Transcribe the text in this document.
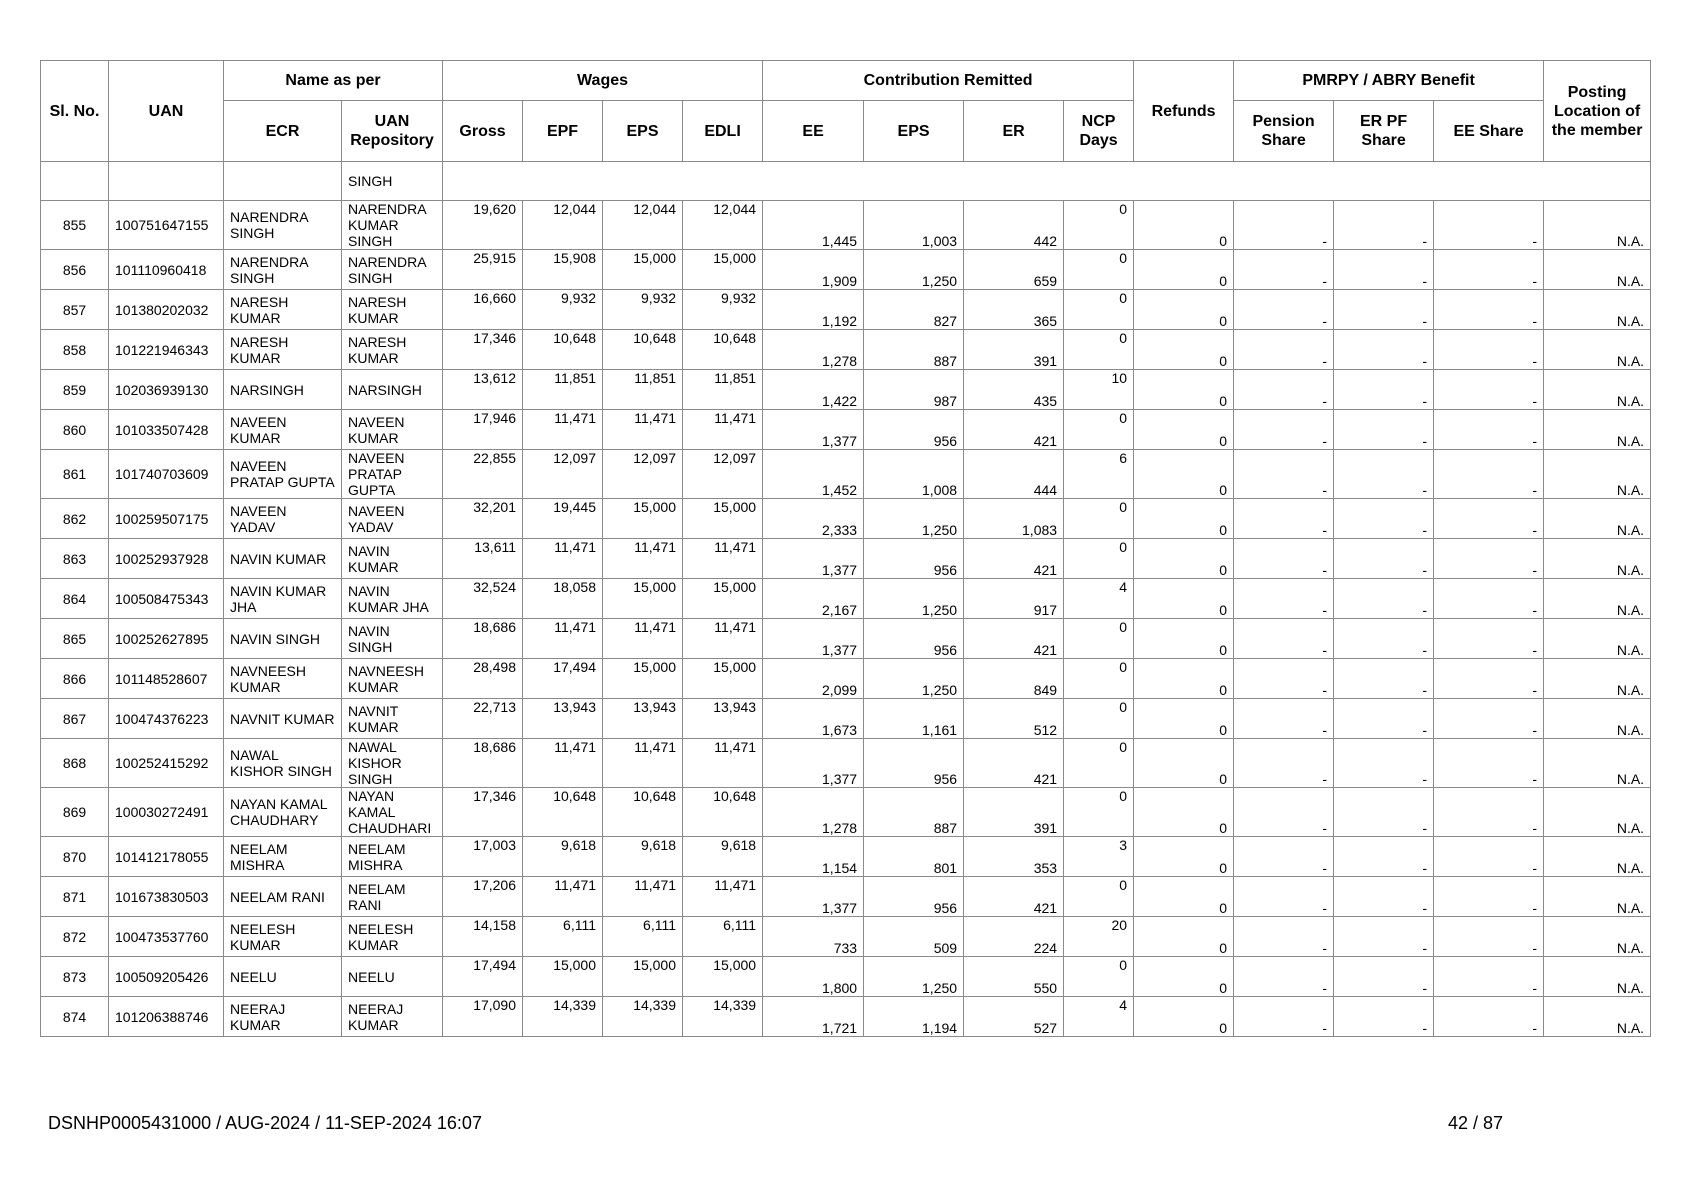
Sl. No.	UAN	Name as per		Wages				Contribution Remitted				Refunds	PMRPY / ABRY Benefit			Posting Location of the member
		ECR	UAN Repository	Gross	EPF	EPS	EDLI	EE	EPS	ER	NCP Days		Pension Share	ER PF Share	EE Share	
			SINGH													
855	100751647155	NARENDRA SINGH	NARENDRA KUMAR SINGH	19,620	12,044	12,044	12,044	1,445	1,003	442	0	0	-	-	-	N.A.
856	101110960418	NARENDRA SINGH	NARENDRA SINGH	25,915	15,908	15,000	15,000	1,909	1,250	659	0	0	-	-	-	N.A.
857	101380202032	NARESH KUMAR	NARESH KUMAR	16,660	9,932	9,932	9,932	1,192	827	365	0	0	-	-	-	N.A.
858	101221946343	NARESH KUMAR	NARESH KUMAR	17,346	10,648	10,648	10,648	1,278	887	391	0	0	-	-	-	N.A.
859	102036939130	NARSINGH	NARSINGH	13,612	11,851	11,851	11,851	1,422	987	435	10	0	-	-	-	N.A.
860	101033507428	NAVEEN KUMAR	NAVEEN KUMAR	17,946	11,471	11,471	11,471	1,377	956	421	0	0	-	-	-	N.A.
861	101740703609	NAVEEN PRATAP GUPTA	NAVEEN PRATAP GUPTA	22,855	12,097	12,097	12,097	1,452	1,008	444	6	0	-	-	-	N.A.
862	100259507175	NAVEEN YADAV	NAVEEN YADAV	32,201	19,445	15,000	15,000	2,333	1,250	1,083	0	0	-	-	-	N.A.
863	100252937928	NAVIN KUMAR	NAVIN KUMAR	13,611	11,471	11,471	11,471	1,377	956	421	0	0	-	-	-	N.A.
864	100508475343	NAVIN KUMAR JHA	NAVIN KUMAR JHA	32,524	18,058	15,000	15,000	2,167	1,250	917	4	0	-	-	-	N.A.
865	100252627895	NAVIN SINGH	NAVIN SINGH	18,686	11,471	11,471	11,471	1,377	956	421	0	0	-	-	-	N.A.
866	101148528607	NAVNEESH KUMAR	NAVNEESH KUMAR	28,498	17,494	15,000	15,000	2,099	1,250	849	0	0	-	-	-	N.A.
867	100474376223	NAVNIT KUMAR	NAVNIT KUMAR	22,713	13,943	13,943	13,943	1,673	1,161	512	0	0	-	-	-	N.A.
868	100252415292	NAWAL KISHOR SINGH	NAWAL KISHOR SINGH	18,686	11,471	11,471	11,471	1,377	956	421	0	0	-	-	-	N.A.
869	100030272491	NAYAN KAMAL CHAUDHARY	NAYAN KAMAL CHAUDHARI	17,346	10,648	10,648	10,648	1,278	887	391	0	0	-	-	-	N.A.
870	101412178055	NEELAM MISHRA	NEELAM MISHRA	17,003	9,618	9,618	9,618	1,154	801	353	3	0	-	-	-	N.A.
871	101673830503	NEELAM RANI	NEELAM RANI	17,206	11,471	11,471	11,471	1,377	956	421	0	0	-	-	-	N.A.
872	100473537760	NEELESH KUMAR	NEELESH KUMAR	14,158	6,111	6,111	6,111	733	509	224	20	0	-	-	-	N.A.
873	100509205426	NEELU	NEELU	17,494	15,000	15,000	15,000	1,800	1,250	550	0	0	-	-	-	N.A.
874	101206388746	NEERAJ KUMAR	NEERAJ KUMAR	17,090	14,339	14,339	14,339	1,721	1,194	527	4	0	-	-	-	N.A.
DSNHP0005431000 / AUG-2024 / 11-SEP-2024 16:07	42 / 87
